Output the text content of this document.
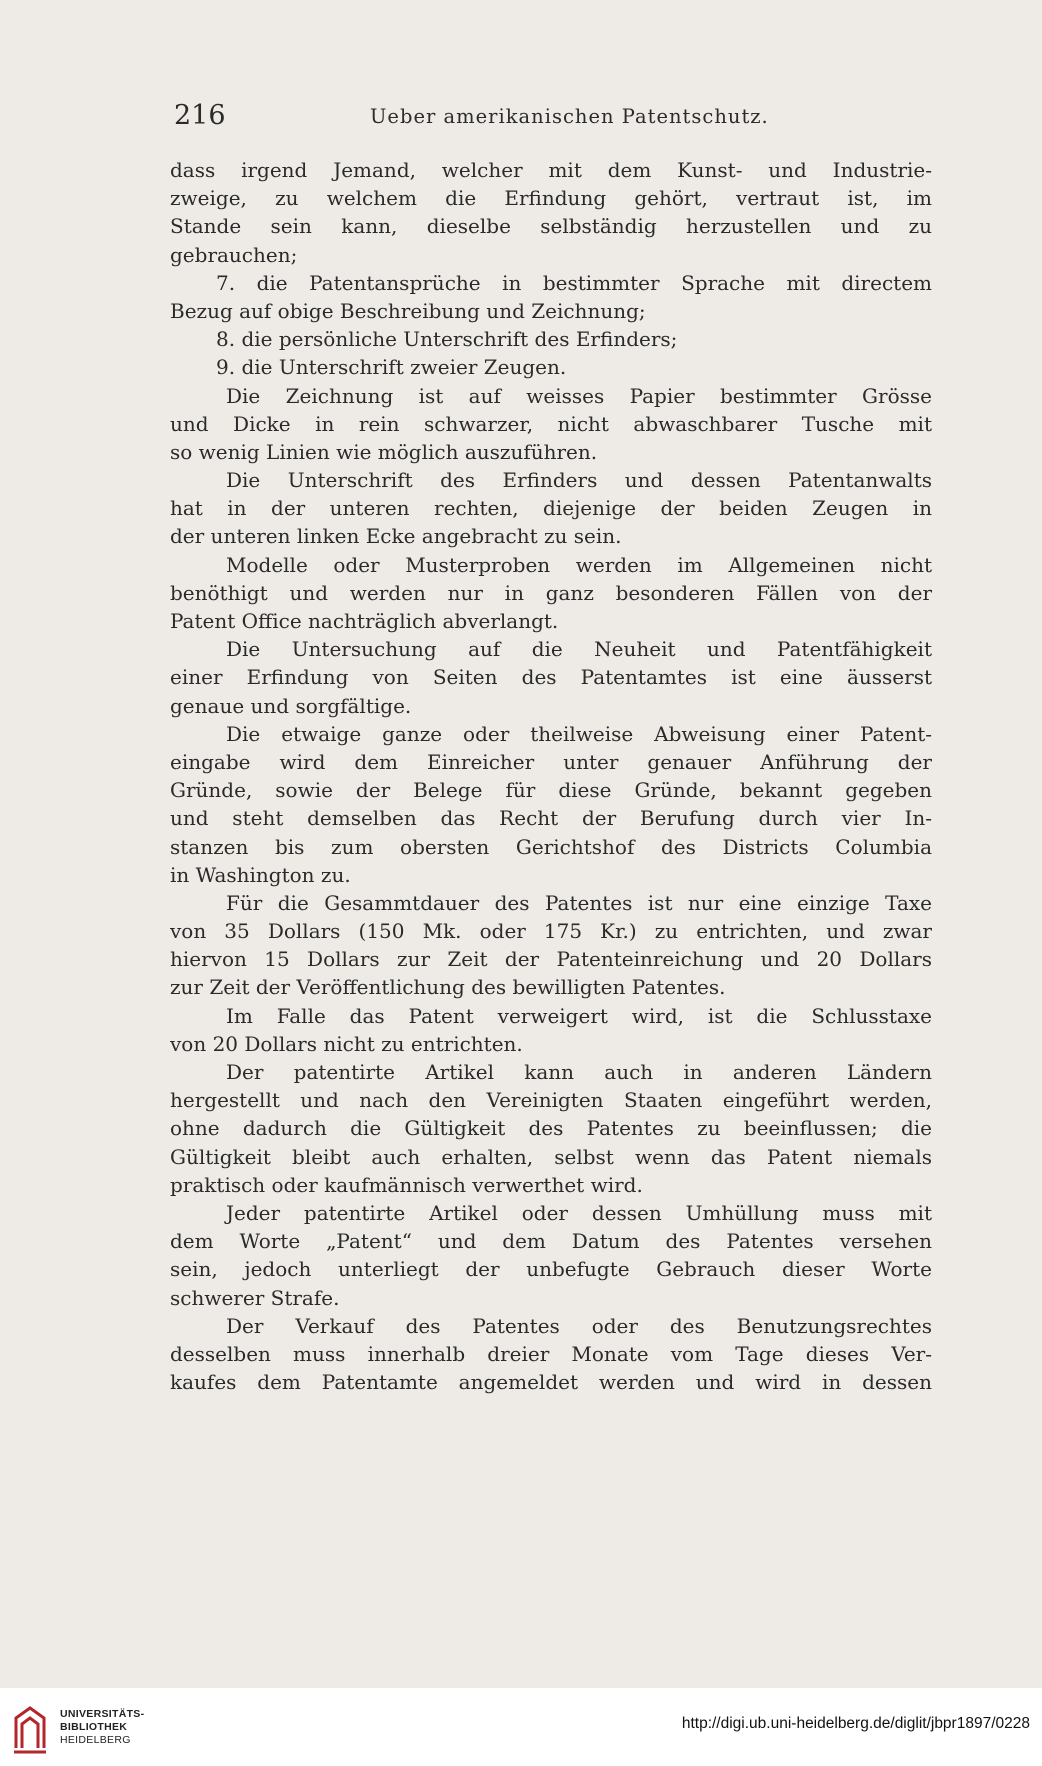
216	Ueber amerikanischen Patentschutz.
dass irgend Jemand, welcher mit dem Kunst- und Industrie-
zweige, zu welchem die Erfindung gehört, vertraut ist, im
Stande sein kann, dieselbe selbständig herzustellen und zu
gebrauchen;
7. die Patentansprüche in bestimmter Sprache mit directem
Bezug auf obige Beschreibung und Zeichnung;
8. die persönliche Unterschrift des Erfinders;
9. die Unterschrift zweier Zeugen.
Die Zeichnung ist auf weisses Papier bestimmter Grösse
und Dicke in rein schwarzer, nicht abwaschbarer Tusche mit
so wenig Linien wie möglich auszuführen.
Die Unterschrift des Erfinders und dessen Patentanwalts
hat in der unteren rechten, diejenige der beiden Zeugen in
der unteren linken Ecke angebracht zu sein.
Modelle oder Musterproben werden im Allgemeinen nicht
benöthigt und werden nur in ganz besonderen Fällen von der
Patent Office nachträglich abverlangt.
Die Untersuchung auf die Neuheit und Patentfähigkeit
einer Erfindung von Seiten des Patentamtes ist eine äusserst
genaue und sorgfältige.
Die etwaige ganze oder theilweise Abweisung einer Patent-
eingabe wird dem Einreicher unter genauer Anführung der
Gründe, sowie der Belege für diese Gründe, bekannt gegeben
und steht demselben das Recht der Berufung durch vier In-
stanzen bis zum obersten Gerichtshof des Districts Columbia
in Washington zu.
Für die Gesammtdauer des Patentes ist nur eine einzige Taxe
von 35 Dollars (150 Mk. oder 175 Kr.) zu entrichten, und zwar
hiervon 15 Dollars zur Zeit der Patenteinreichung und 20 Dollars
zur Zeit der Veröffentlichung des bewilligten Patentes.
Im Falle das Patent verweigert wird, ist die Schlusstaxe
von 20 Dollars nicht zu entrichten.
Der patentirte Artikel kann auch in anderen Ländern
hergestellt und nach den Vereinigten Staaten eingeführt werden,
ohne dadurch die Gültigkeit des Patentes zu beeinflussen; die
Gültigkeit bleibt auch erhalten, selbst wenn das Patent niemals
praktisch oder kaufmännisch verwerthet wird.
Jeder patentirte Artikel oder dessen Umhüllung muss mit
dem Worte „Patent“ und dem Datum des Patentes versehen
sein, jedoch unterliegt der unbefugte Gebrauch dieser Worte
schwerer Strafe.
Der Verkauf des Patentes oder des Benutzungsrechtes
desselben muss innerhalb dreier Monate vom Tage dieses Ver-
kaufes dem Patentamte angemeldet werden und wird in dessen
UNIVERSITÄTS-
BIBLIOTHEK
HEIDELBERG
http://digi.ub.uni-heidelberg.de/diglit/jbpr1897/0228
